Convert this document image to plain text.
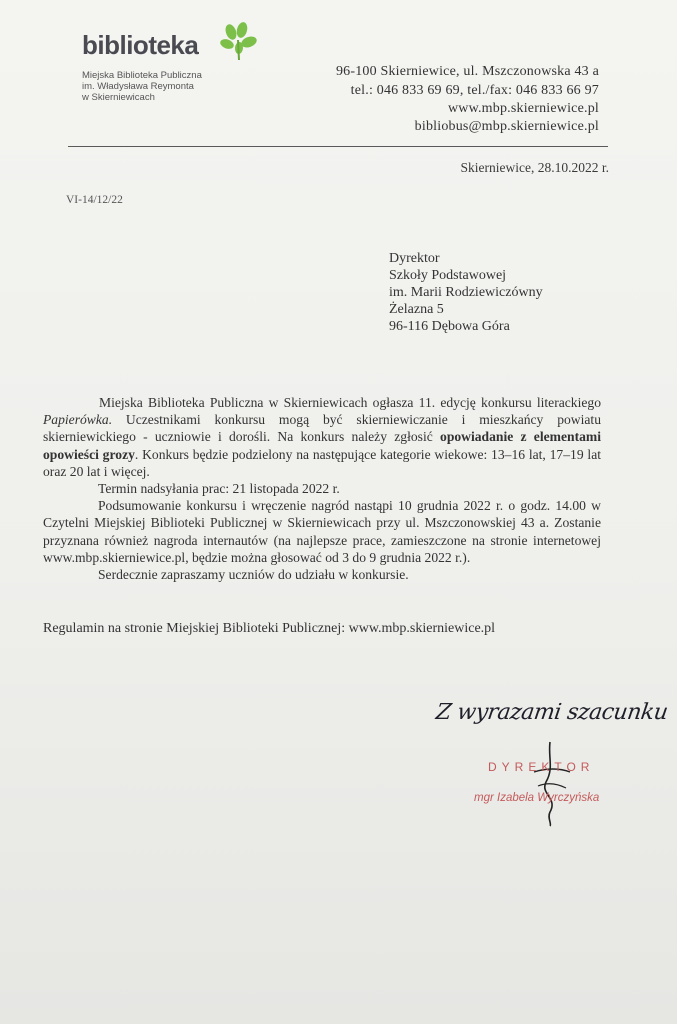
biblioteka
Miejska Biblioteka Publiczna
im. Władysława Reymonta
w Skierniewicach
96-100 Skierniewice, ul. Mszczonowska 43 a
tel.: 046 833 69 69, tel./fax: 046 833 66 97
www.mbp.skierniewice.pl
bibliobus@mbp.skierniewice.pl
Skierniewice, 28.10.2022 r.
VI-14/12/22
Dyrektor
Szkoły Podstawowej
im. Marii Rodziewiczówny
Żelazna 5
96-116 Dębowa Góra

Miejska Biblioteka Publiczna w Skierniewicach ogłasza 11. edycję konkursu literackiego Papierówka. Uczestnikami konkursu mogą być skierniewiczanie i mieszkańcy powiatu skierniewickiego - uczniowie i dorośli. Na konkurs należy zgłosić opowiadanie z elementami opowieści grozy. Konkurs będzie podzielony na następujące kategorie wiekowe: 13–16 lat, 17–19 lat oraz 20 lat i więcej.

Termin nadsyłania prac: 21 listopada 2022 r.

Podsumowanie konkursu i wręczenie nagród nastąpi 10 grudnia 2022 r. o godz. 14.00 w Czytelni Miejskiej Biblioteki Publicznej w Skierniewicach przy ul. Mszczonowskiej 43 a. Zostanie przyznana również nagroda internautów (na najlepsze prace, zamieszczone na stronie internetowej www.mbp.skierniewice.pl, będzie można głosować od 3 do 9 grudnia 2022 r.).

Serdecznie zapraszamy uczniów do udziału w konkursie.

Regulamin na stronie Miejskiej Biblioteki Publicznej: www.mbp.skierniewice.pl
Z wyrazami szacunku
DYREKTOR
mgr Izabela Wyrczyńska
